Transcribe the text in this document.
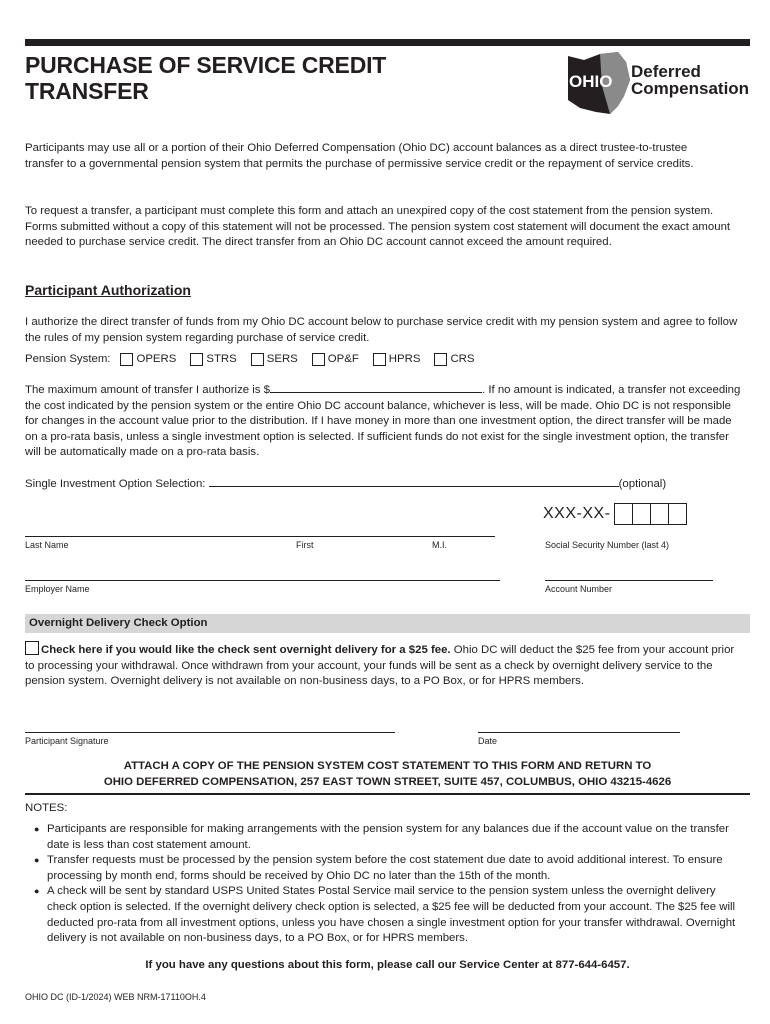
PURCHASE OF SERVICE CREDIT
TRANSFER	OHIO
Deferred
Compensation
Participants may use all or a portion of their Ohio Deferred Compensation (Ohio DC) account balances as a direct trustee-to-trustee transfer to a governmental pension system that permits the purchase of permissive service credit or the repayment of service credits.
To request a transfer, a participant must complete this form and attach an unexpired copy of the cost statement from the pension system. Forms submitted without a copy of this statement will not be processed. The pension system cost statement will document the exact amount needed to purchase service credit. The direct transfer from an Ohio DC account cannot exceed the amount required.
Participant Authorization
I authorize the direct transfer of funds from my Ohio DC account below to purchase service credit with my pension system and agree to follow the rules of my pension system regarding purchase of service credit.
Pension System: OPERS	STRS	SERS	OP&F	HPRS	CRS
The maximum amount of transfer I authorize is $	. If no amount is indicated, a transfer not exceeding the cost indicated by the pension system or the entire Ohio DC account balance, whichever is less, will be made. Ohio DC is not responsible for changes in the account value prior to the distribution. If I have money in more than one investment option, the direct transfer will be made on a pro-rata basis, unless a single investment option is selected. If sufficient funds do not exist for the single investment option, the transfer will be automatically made on a pro-rata basis.
Single Investment Option Selection:	(optional)
XXX-XX-
Last Name	First	M.I.	Social Security Number (last 4)
Employer Name	Account Number
Overnight Delivery Check Option
Check here if you would like the check sent overnight delivery for a $25 fee. Ohio DC will deduct the $25 fee from your account prior to processing your withdrawal. Once withdrawn from your account, your funds will be sent as a check by overnight delivery service to the pension system. Overnight delivery is not available on non-business days, to a PO Box, or for HPRS members.
Participant Signature	Date
ATTACH A COPY OF THE PENSION SYSTEM COST STATEMENT TO THIS FORM AND RETURN TO
OHIO DEFERRED COMPENSATION, 257 EAST TOWN STREET, SUITE 457, COLUMBUS, OHIO 43215-4626
NOTES:
● Participants are responsible for making arrangements with the pension system for any balances due if the account value on the transfer date is less than cost statement amount.
● Transfer requests must be processed by the pension system before the cost statement due date to avoid additional interest. To ensure processing by month end, forms should be received by Ohio DC no later than the 15th of the month.
● A check will be sent by standard USPS United States Postal Service mail service to the pension system unless the overnight delivery check option is selected. If the overnight delivery check option is selected, a $25 fee will be deducted from your account. The $25 fee will deducted pro-rata from all investment options, unless you have chosen a single investment option for your transfer withdrawal. Overnight delivery is not available on non-business days, to a PO Box, or for HPRS members.
If you have any questions about this form, please call our Service Center at 877-644-6457.
OHIO DC (ID-1/2024) WEB NRM-17110OH.4
